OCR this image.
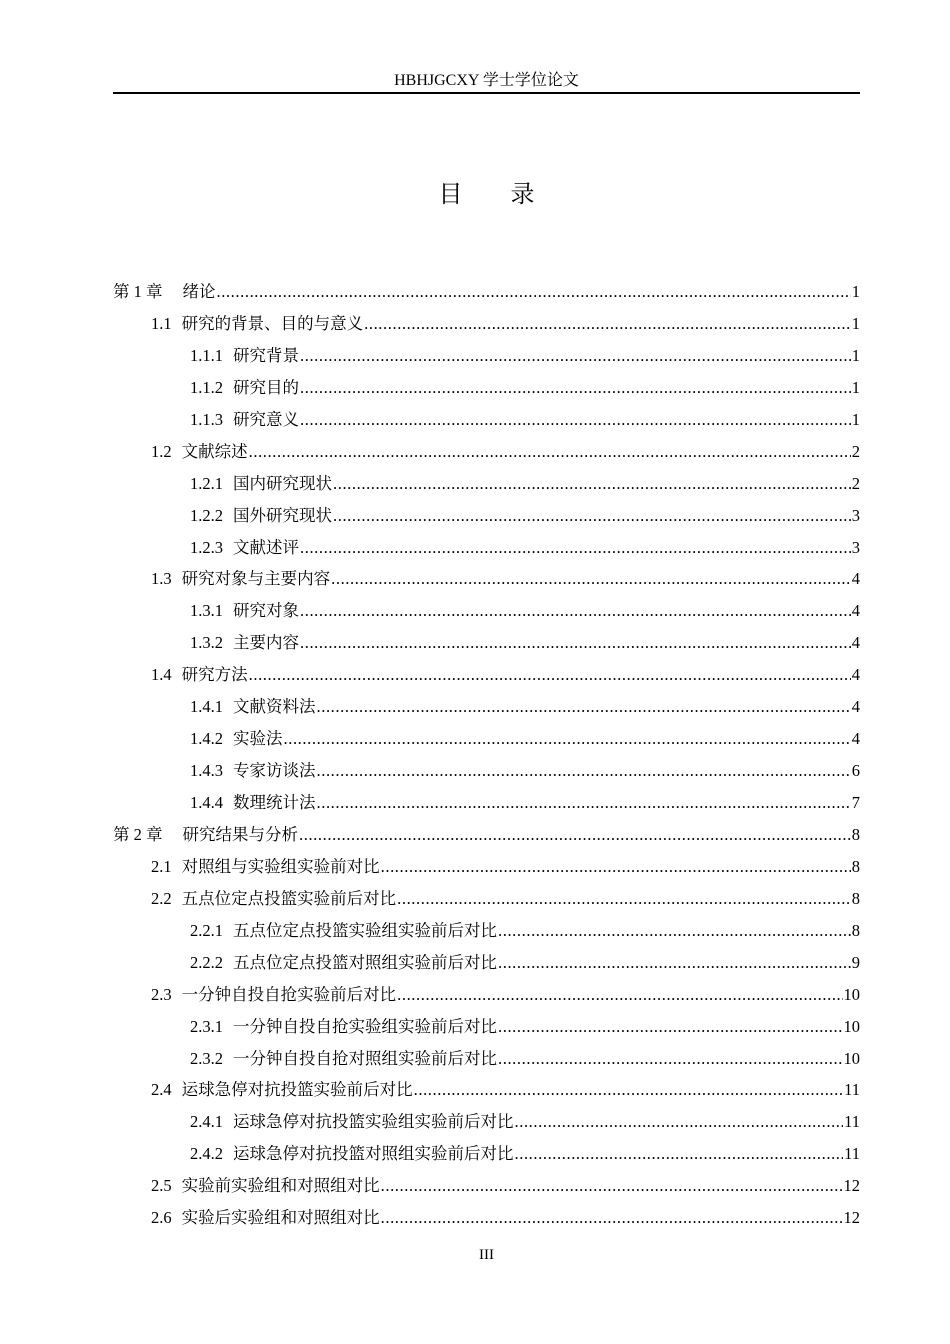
HBHJGCXY 学士学位论文
目录
第 1 章 绪论 .....	1
1.1 研究的背景、目的与意义 .....	1
1.1.1 研究背景 .....	1
1.1.2 研究目的 .....	1
1.1.3 研究意义 .....	1
1.2 文献综述 .....	2
1.2.1 国内研究现状 .....	2
1.2.2 国外研究现状 .....	3
1.2.3 文献述评 .....	3
1.3 研究对象与主要内容 .....	4
1.3.1 研究对象 .....	4
1.3.2 主要内容 .....	4
1.4 研究方法 .....	4
1.4.1 文献资料法 .....	4
1.4.2 实验法 .....	4
1.4.3 专家访谈法 .....	6
1.4.4 数理统计法 .....	7
第 2 章 研究结果与分析 .....	8
2.1 对照组与实验组实验前对比 .....	8
2.2 五点位定点投篮实验前后对比 .....	8
2.2.1 五点位定点投篮实验组实验前后对比 .....	8
2.2.2 五点位定点投篮对照组实验前后对比 .....	9
2.3 一分钟自投自抢实验前后对比 .....	10
2.3.1 一分钟自投自抢实验组实验前后对比 .....	10
2.3.2 一分钟自投自抢对照组实验前后对比 .....	10
2.4 运球急停对抗投篮实验前后对比 .....	11
2.4.1 运球急停对抗投篮实验组实验前后对比 .....	11
2.4.2 运球急停对抗投篮对照组实验前后对比 .....	11
2.5 实验前实验组和对照组对比 .....	12
2.6 实验后实验组和对照组对比 .....	12
III
